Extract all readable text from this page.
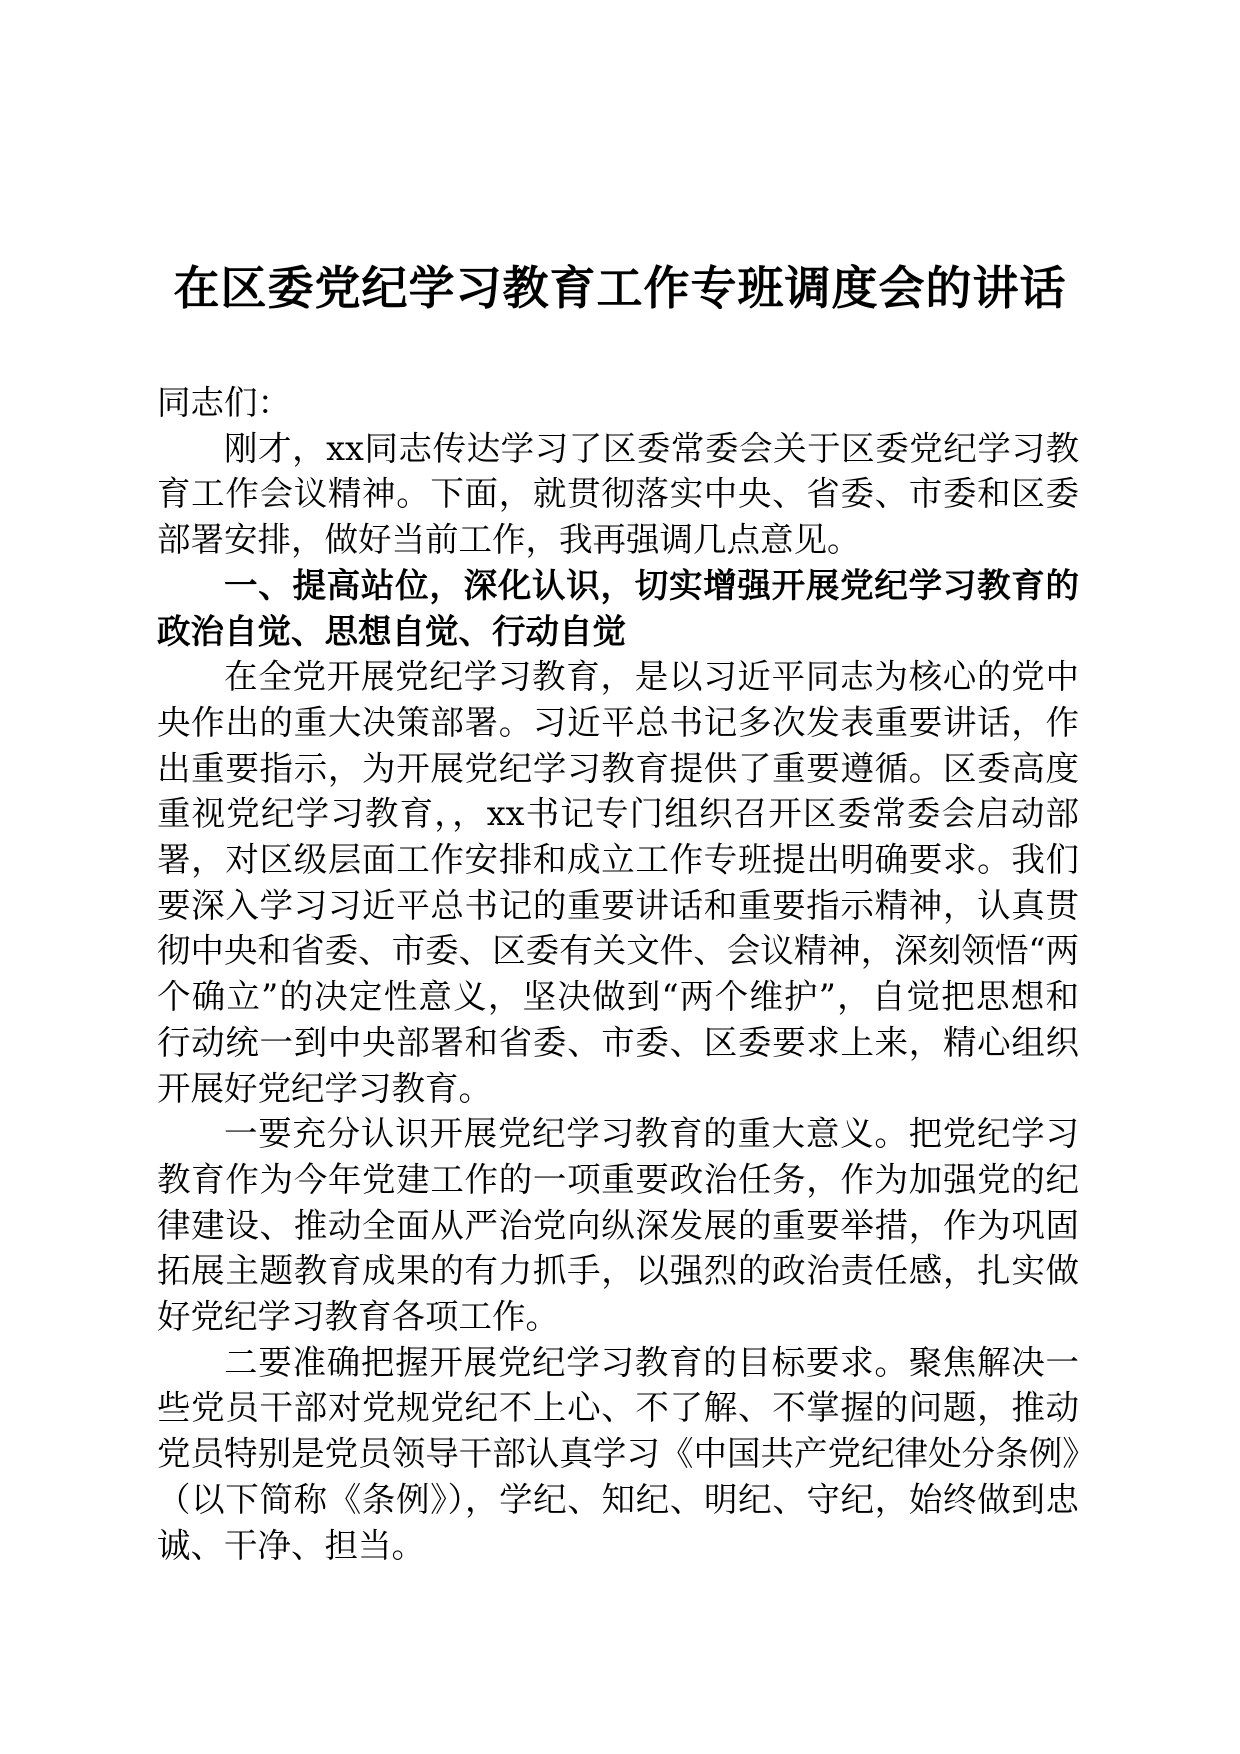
在区委党纪学习教育工作专班调度会的讲话

同志们：

刚才，xx同志传达学习了区委常委会关于区委党纪学习教育工作会议精神。下面，就贯彻落实中央、省委、市委和区委部署安排，做好当前工作，我再强调几点意见。

一、提高站位，深化认识，切实增强开展党纪学习教育的政治自觉、思想自觉、行动自觉

在全党开展党纪学习教育，是以习近平同志为核心的党中央作出的重大决策部署。习近平总书记多次发表重要讲话，作出重要指示，为开展党纪学习教育提供了重要遵循。区委高度重视党纪学习教育，，xx书记专门组织召开区委常委会启动部署，对区级层面工作安排和成立工作专班提出明确要求。我们要深入学习习近平总书记的重要讲话和重要指示精神，认真贯彻中央和省委、市委、区委有关文件、会议精神，深刻领悟“两个确立”的决定性意义，坚决做到“两个维护”，自觉把思想和行动统一到中央部署和省委、市委、区委要求上来，精心组织开展好党纪学习教育。

一要充分认识开展党纪学习教育的重大意义。把党纪学习教育作为今年党建工作的一项重要政治任务，作为加强党的纪律建设、推动全面从严治党向纵深发展的重要举措，作为巩固拓展主题教育成果的有力抓手，以强烈的政治责任感，扎实做好党纪学习教育各项工作。

二要准确把握开展党纪学习教育的目标要求。聚焦解决一些党员干部对党规党纪不上心、不了解、不掌握的问题，推动党员特别是党员领导干部认真学习《中国共产党纪律处分条例》（以下简称《条例》），学纪、知纪、明纪、守纪，始终做到忠诚、干净、担当。
